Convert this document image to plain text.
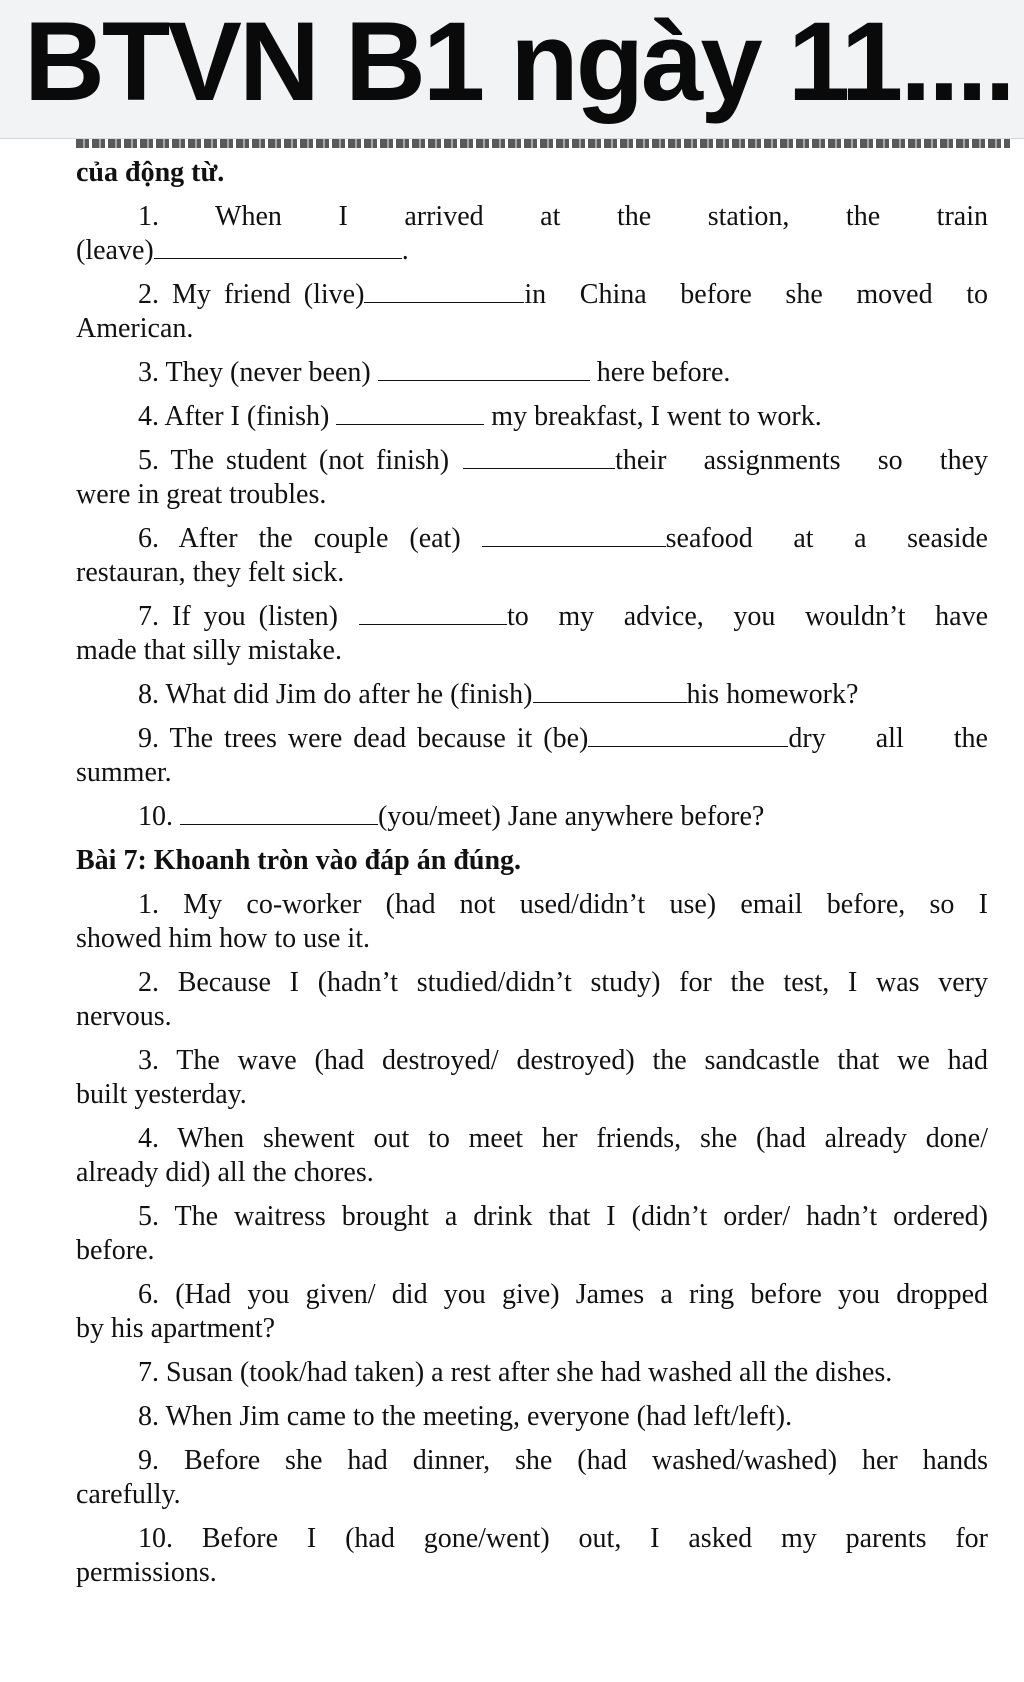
BTVN B1 ngày 11....
của động từ.
1. When I arrived at the station, the train
(leave)	.
2. My friend (live)	in China before she moved to
American.
3. They (never been)	here before.
4. After I (finish)	my breakfast, I went to work.
5. The student (not finish)
	their assignments so they
were in great troubles.
6. After the couple (eat)
	seafood at a seaside
restauran, they felt sick.
7. If you (listen)
	to my advice, you wouldn’t have
made that silly mistake.
8. What did Jim do after he (finish)	his homework?
9. The trees were dead because it (be)	dry all the
summer.
10.	(you/meet) Jane anywhere before?
Bài 7: Khoanh tròn vào đáp án đúng.
1. My co-worker (had not used/didn’t use) email before, so I
showed him how to use it.
2. Because I (hadn’t studied/didn’t study) for the test, I was very
nervous.
3. The wave (had destroyed/ destroyed) the sandcastle that we had
built yesterday.
4. When shewent out to meet her friends, she (had already done/
already did) all the chores.
5. The waitress brought a drink that I (didn’t order/ hadn’t ordered)
before.
6. (Had you given/ did you give) James a ring before you dropped
by his apartment?
7. Susan (took/had taken) a rest after she had washed all the dishes.
8. When Jim came to the meeting, everyone (had left/left).
9. Before she had dinner, she (had washed/washed) her hands
carefully.
10. Before I (had gone/went) out, I asked my parents for
permissions.
